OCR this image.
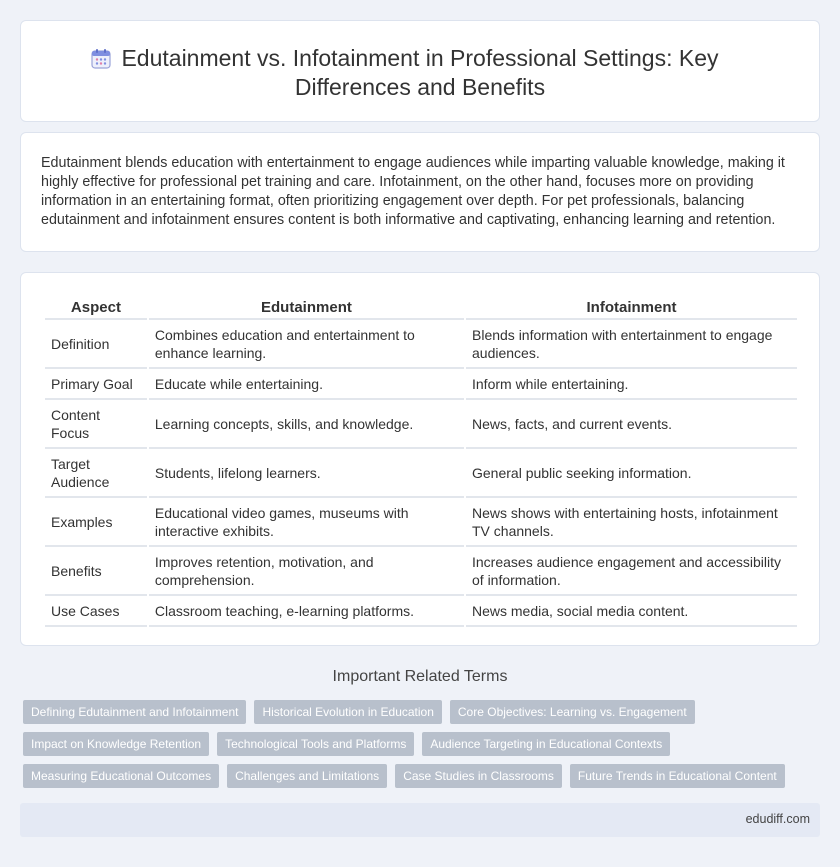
Edutainment vs. Infotainment in Professional Settings: Key Differences and Benefits

Edutainment blends education with entertainment to engage audiences while imparting valuable knowledge, making it highly effective for professional pet training and care. Infotainment, on the other hand, focuses more on providing information in an entertaining format, often prioritizing engagement over depth. For pet professionals, balancing edutainment and infotainment ensures content is both informative and captivating, enhancing learning and retention.

Aspect	Edutainment	Infotainment
Definition	Combines education and entertainment to enhance learning.	Blends information with entertainment to engage audiences.
Primary Goal	Educate while entertaining.	Inform while entertaining.
Content Focus	Learning concepts, skills, and knowledge.	News, facts, and current events.
Target Audience	Students, lifelong learners.	General public seeking information.
Examples	Educational video games, museums with interactive exhibits.	News shows with entertaining hosts, infotainment TV channels.
Benefits	Improves retention, motivation, and comprehension.	Increases audience engagement and accessibility of information.
Use Cases	Classroom teaching, e-learning platforms.	News media, social media content.
Important Related Terms
Defining Edutainment and Infotainment	Historical Evolution in Education	Core Objectives: Learning vs. Engagement
Impact on Knowledge Retention	Technological Tools and Platforms	Audience Targeting in Educational Contexts
Measuring Educational Outcomes	Challenges and Limitations	Case Studies in Classrooms	Future Trends in Educational Content
edudiff.com
